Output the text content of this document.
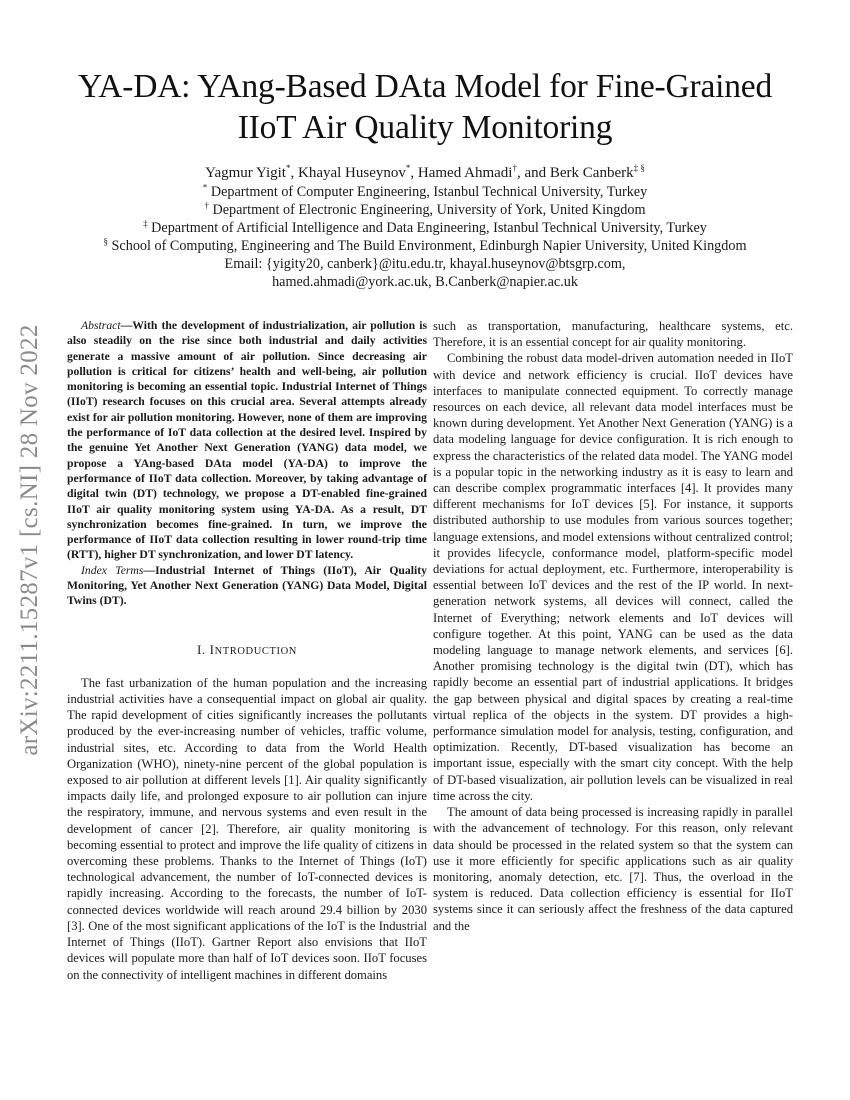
arXiv:2211.15287v1 [cs.NI] 28 Nov 2022
YA-DA: YAng-Based DAta Model for Fine-Grained
IIoT Air Quality Monitoring
Yagmur Yigit*, Khayal Huseynov*, Hamed Ahmadi†, and Berk Canberk‡ §
* Department of Computer Engineering, Istanbul Technical University, Turkey
† Department of Electronic Engineering, University of York, United Kingdom
‡ Department of Artificial Intelligence and Data Engineering, Istanbul Technical University, Turkey
§ School of Computing, Engineering and The Build Environment, Edinburgh Napier University, United Kingdom
Email: {yigity20, canberk}@itu.edu.tr, khayal.huseynov@btsgrp.com,
hamed.ahmadi@york.ac.uk, B.Canberk@napier.ac.uk

Abstract—With the development of industrialization, air pollution is also steadily on the rise since both industrial and daily activities generate a massive amount of air pollution. Since decreasing air pollution is critical for citizens’ health and well-being, air pollution monitoring is becoming an essential topic. Industrial Internet of Things (IIoT) research focuses on this crucial area. Several attempts already exist for air pollution monitoring. However, none of them are improving the performance of IoT data collection at the desired level. Inspired by the genuine Yet Another Next Generation (YANG) data model, we propose a YAng-based DAta model (YA-DA) to improve the performance of IIoT data collection. Moreover, by taking advantage of digital twin (DT) technology, we propose a DT-enabled fine-grained IIoT air quality monitoring system using YA-DA. As a result, DT synchronization becomes fine-grained. In turn, we improve the performance of IIoT data collection resulting in lower round-trip time (RTT), higher DT synchronization, and lower DT latency.

Index Terms—Industrial Internet of Things (IIoT), Air Quality Monitoring, Yet Another Next Generation (YANG) Data Model, Digital Twins (DT).

I. INTRODUCTION

The fast urbanization of the human population and the increasing industrial activities have a consequential impact on global air quality. The rapid development of cities significantly increases the pollutants produced by the ever-increasing number of vehicles, traffic volume, industrial sites, etc. According to data from the World Health Organization (WHO), ninety-nine percent of the global population is exposed to air pollution at different levels [1]. Air quality significantly impacts daily life, and prolonged exposure to air pollution can injure the respiratory, immune, and nervous systems and even result in the development of cancer [2]. Therefore, air quality monitoring is becoming essential to protect and improve the life quality of citizens in overcoming these problems. Thanks to the Internet of Things (IoT) technological advancement, the number of IoT-connected devices is rapidly increasing. According to the forecasts, the number of IoT-connected devices worldwide will reach around 29.4 billion by 2030 [3]. One of the most significant applications of the IoT is the Industrial Internet of Things (IIoT). Gartner Report also envisions that IIoT devices will populate more than half of IoT devices soon. IIoT focuses on the connectivity of intelligent machines in different domains

such as transportation, manufacturing, healthcare systems, etc. Therefore, it is an essential concept for air quality monitoring.

Combining the robust data model-driven automation needed in IIoT with device and network efficiency is crucial. IIoT devices have interfaces to manipulate connected equipment. To correctly manage resources on each device, all relevant data model interfaces must be known during development. Yet Another Next Generation (YANG) is a data modeling language for device configuration. It is rich enough to express the characteristics of the related data model. The YANG model is a popular topic in the networking industry as it is easy to learn and can describe complex programmatic interfaces [4]. It provides many different mechanisms for IoT devices [5]. For instance, it supports distributed authorship to use modules from various sources together; language extensions, and model extensions without centralized control; it provides lifecycle, conformance model, platform-specific model deviations for actual deployment, etc. Furthermore, interoperability is essential between IoT devices and the rest of the IP world. In next-generation network systems, all devices will connect, called the Internet of Everything; network elements and IoT devices will configure together. At this point, YANG can be used as the data modeling language to manage network elements, and services [6]. Another promising technology is the digital twin (DT), which has rapidly become an essential part of industrial applications. It bridges the gap between physical and digital spaces by creating a real-time virtual replica of the objects in the system. DT provides a high-performance simulation model for analysis, testing, configuration, and optimization. Recently, DT-based visualization has become an important issue, especially with the smart city concept. With the help of DT-based visualization, air pollution levels can be visualized in real time across the city.

The amount of data being processed is increasing rapidly in parallel with the advancement of technology. For this reason, only relevant data should be processed in the related system so that the system can use it more efficiently for specific applications such as air quality monitoring, anomaly detection, etc. [7]. Thus, the overload in the system is reduced. Data collection efficiency is essential for IIoT systems since it can seriously affect the freshness of the data captured and the
